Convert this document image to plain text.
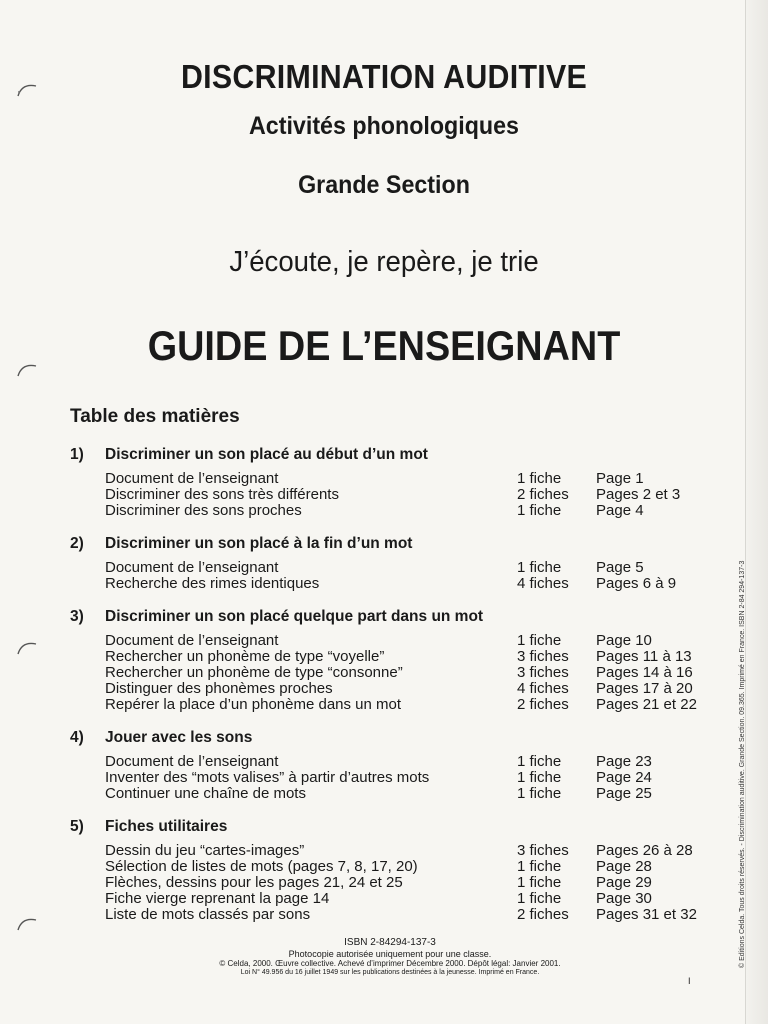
DISCRIMINATION AUDITIVE
Activités phonologiques
Grande Section
J’écoute, je repère, je trie
GUIDE DE L’ENSEIGNANT
Table des matières
1) Discriminer un son placé au début d’un mot
Document de l’enseignant	1 fiche Page 1
Discriminer des sons très différents	2 fiches Pages 2 et 3
Discriminer des sons proches	1 fiche Page 4
2) Discriminer un son placé à la fin d’un mot
Document de l’enseignant	1 fiche Page 5
Recherche des rimes identiques	4 fiches Pages 6 à 9
3) Discriminer un son placé quelque part dans un mot
Document de l’enseignant	1 fiche Page 10
Rechercher un phonème de type “voyelle”	3 fiches Pages 11 à 13
Rechercher un phonème de type “consonne”	3 fiches Pages 14 à 16
Distinguer des phonèmes proches	4 fiches Pages 17 à 20
Repérer la place d’un phonème dans un mot	2 fiches Pages 21 et 22
4) Jouer avec les sons
Document de l’enseignant	1 fiche Page 23
Inventer des “mots valises” à partir d’autres mots	1 fiche Page 24
Continuer une chaîne de mots	1 fiche Page 25
5) Fiches utilitaires
Dessin du jeu “cartes-images”	3 fiches Pages 26 à 28
Sélection de listes de mots (pages 7, 8, 17, 20)	1 fiche Page 28
Flèches, dessins pour les pages 21, 24 et 25	1 fiche Page 29
Fiche vierge reprenant la page 14	1 fiche Page 30
Liste de mots classés par sons	2 fiches Pages 31 et 32
ISBN 2-84294-137-3
Photocopie autorisée uniquement pour une classe.
© Celda, 2000. Œuvre collective. Achevé d’imprimer Décembre 2000. Dépôt légal: Janvier 2001.
Loi N° 49.956 du 16 juillet 1949 sur les publications destinées à la jeunesse. Imprimé en France.
I
© Editions Celda. Tous droits réservés. - Discrimination auditive. Grande Section. 09.365. Imprimé en France. ISBN 2-84 294-137-3
